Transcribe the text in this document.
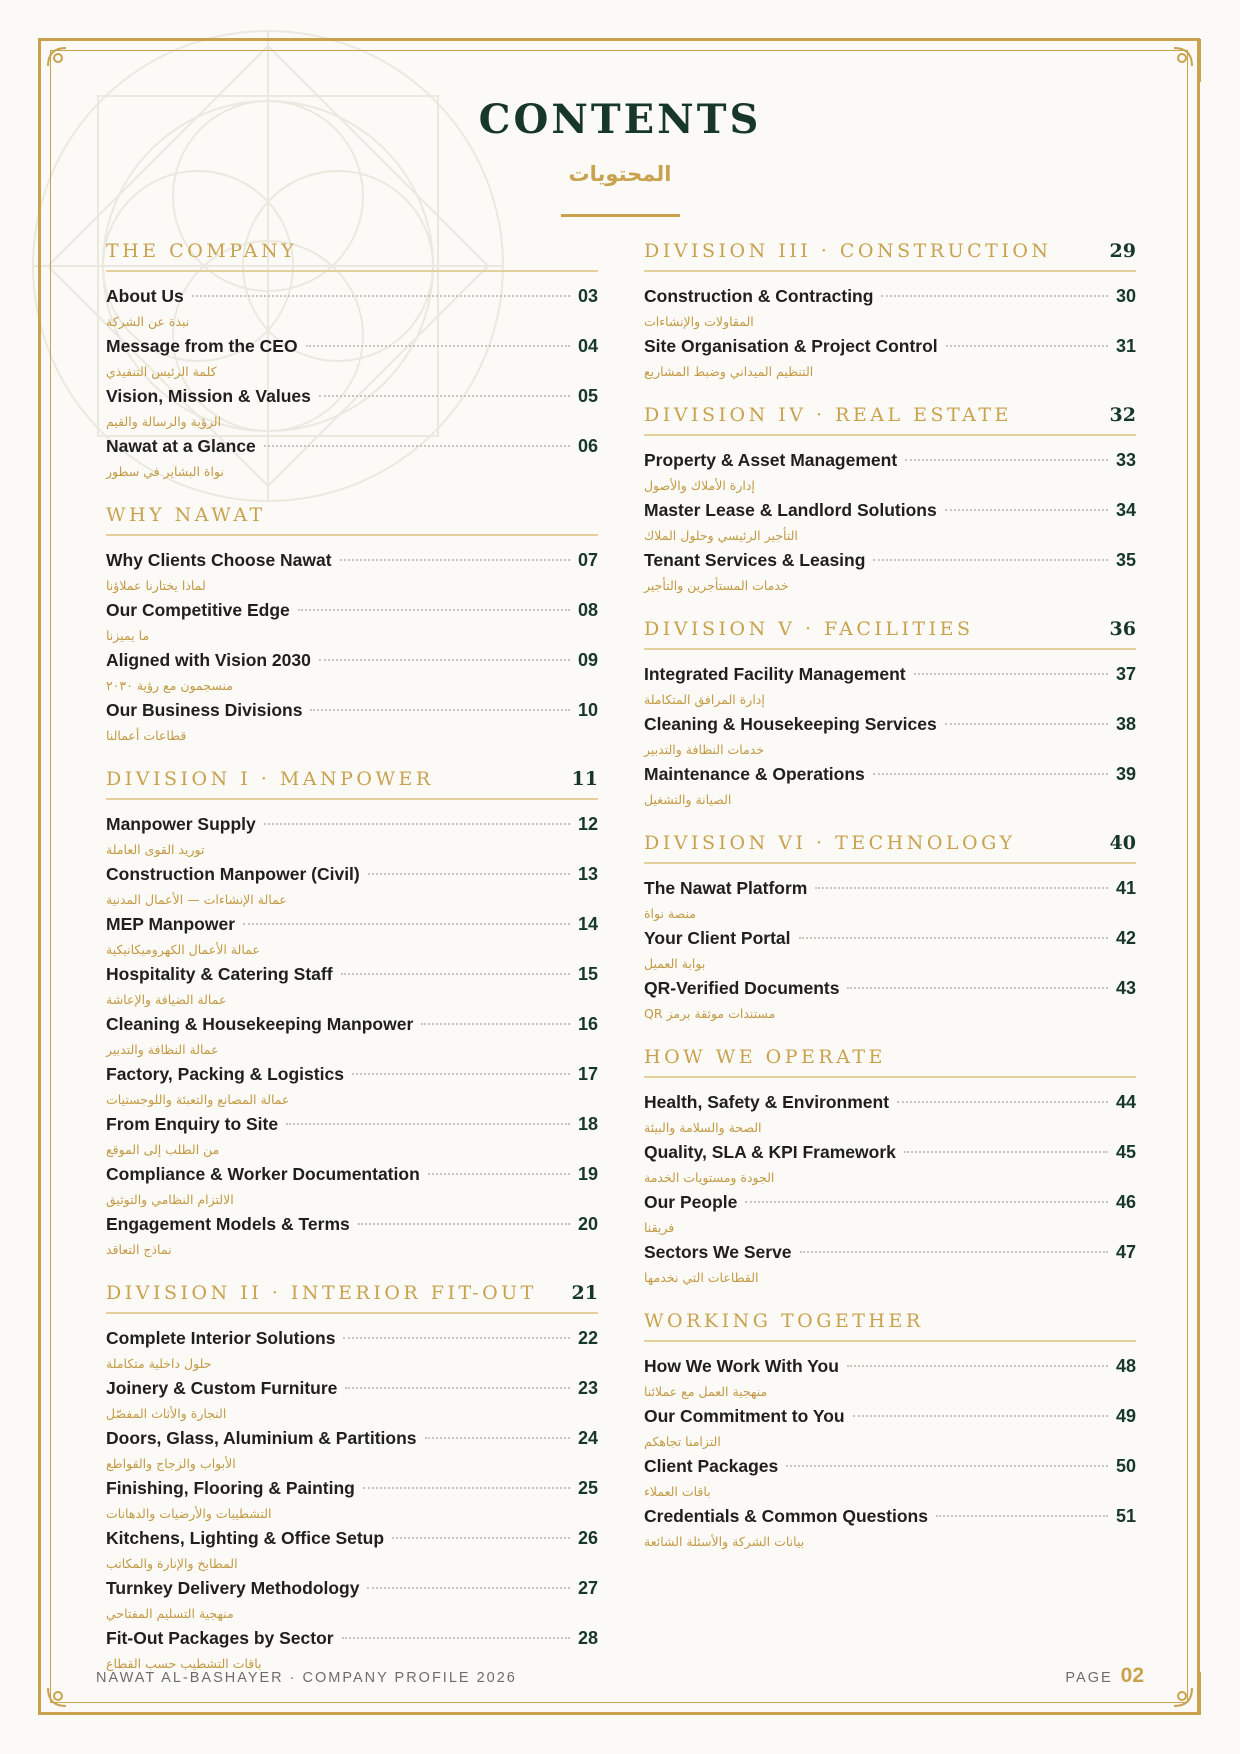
CONTENTS
المحتويات
THE COMPANY
About Us	03
نبذة عن الشركة
Message from the CEO	04
كلمة الرئيس التنفيذي
Vision, Mission & Values	05
الرؤية والرسالة والقيم
Nawat at a Glance	06
نواة البشاير في سطور
WHY NAWAT
Why Clients Choose Nawat	07
لماذا يختارنا عملاؤنا
Our Competitive Edge	08
ما يميزنا
Aligned with Vision 2030	09
منسجمون مع رؤية ٢٠٣٠
Our Business Divisions	10
قطاعات أعمالنا
DIVISION I · MANPOWER	11
Manpower Supply	12
توريد القوى العاملة
Construction Manpower (Civil)	13
عمالة الإنشاءات — الأعمال المدنية
MEP Manpower	14
عمالة الأعمال الكهروميكانيكية
Hospitality & Catering Staff	15
عمالة الضيافة والإعاشة
Cleaning & Housekeeping Manpower	16
عمالة النظافة والتدبير
Factory, Packing & Logistics	17
عمالة المصانع والتعبئة واللوجستيات
From Enquiry to Site	18
من الطلب إلى الموقع
Compliance & Worker Documentation	19
الالتزام النظامي والتوثيق
Engagement Models & Terms	20
نماذج التعاقد
DIVISION II · INTERIOR FIT-OUT 21
Complete Interior Solutions	22
حلول داخلية متكاملة
Joinery & Custom Furniture	23
النجارة والأثاث المفصّل
Doors, Glass, Aluminium & Partitions	24
الأبواب والزجاج والقواطع
Finishing, Flooring & Painting	25
التشطيبات والأرضيات والدهانات
Kitchens, Lighting & Office Setup	26
المطابخ والإنارة والمكاتب
Turnkey Delivery Methodology	27
منهجية التسليم المفتاحي
Fit-Out Packages by Sector	28
باقات التشطيب حسب القطاع
DIVISION III · CONSTRUCTION	29
Construction & Contracting	30
المقاولات والإنشاءات
Site Organisation & Project Control	31
التنظيم الميداني وضبط المشاريع
DIVISION IV · REAL ESTATE	32
Property & Asset Management	33
إدارة الأملاك والأصول
Master Lease & Landlord Solutions	34
التأجير الرئيسي وحلول الملاك
Tenant Services & Leasing	35
خدمات المستأجرين والتأجير
DIVISION V · FACILITIES	36
Integrated Facility Management	37
إدارة المرافق المتكاملة
Cleaning & Housekeeping Services	38
خدمات النظافة والتدبير
Maintenance & Operations	39
الصيانة والتشغيل
DIVISION VI · TECHNOLOGY	40
The Nawat Platform	41
منصة نواة
Your Client Portal	42
بوابة العميل
QR-Verified Documents	43
مستندات موثقة برمز QR
HOW WE OPERATE
Health, Safety & Environment	44
الصحة والسلامة والبيئة
Quality, SLA & KPI Framework	45
الجودة ومستويات الخدمة
Our People	46
فريقنا
Sectors We Serve	47
القطاعات التي نخدمها
WORKING TOGETHER
How We Work With You	48
منهجية العمل مع عملائنا
Our Commitment to You	49
التزامنا تجاهكم
Client Packages	50
باقات العملاء
Credentials & Common Questions	51
بيانات الشركة والأسئلة الشائعة
NAWAT AL-BASHAYER · COMPANY PROFILE 2026	PAGE 02
